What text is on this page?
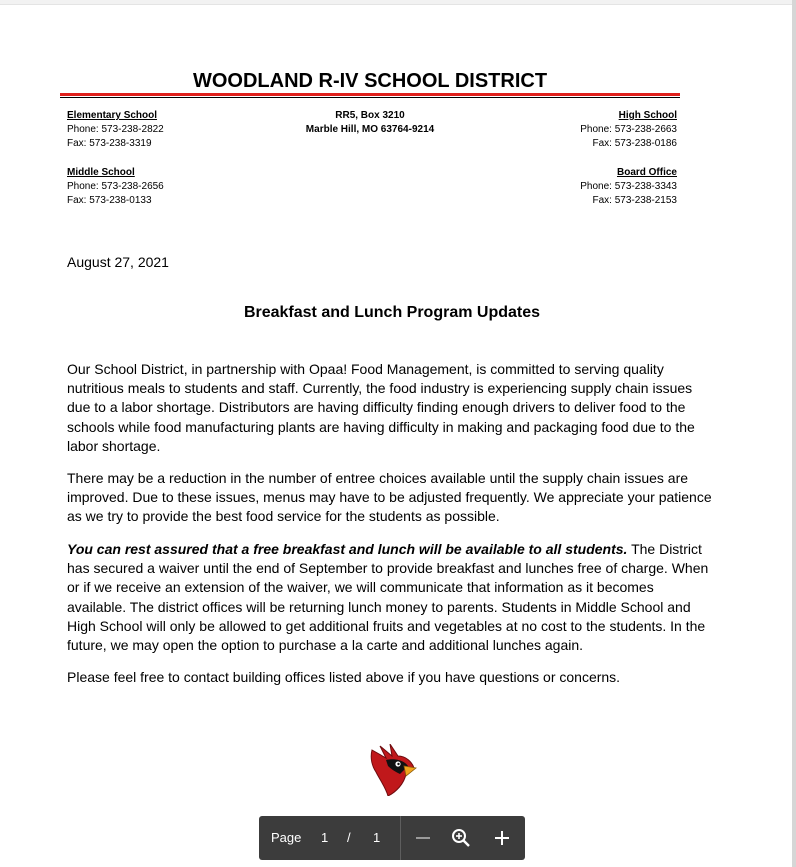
WOODLAND R-IV SCHOOL DISTRICT
Elementary School
Phone: 573-238-2822
Fax: 573-238-3319
RR5, Box 3210
Marble Hill, MO 63764-9214
High School
Phone: 573-238-2663
Fax: 573-238-0186
Middle School
Phone: 573-238-2656
Fax: 573-238-0133
Board Office
Phone: 573-238-3343
Fax: 573-238-2153
August 27, 2021
Breakfast and Lunch Program Updates

Our School District, in partnership with Opaa! Food Management, is committed to serving quality nutritious meals to students and staff. Currently, the food industry is experiencing supply chain issues due to a labor shortage. Distributors are having difficulty finding enough drivers to deliver food to the schools while food manufacturing plants are having difficulty in making and packaging food due to the labor shortage.

There may be a reduction in the number of entree choices available until the supply chain issues are improved. Due to these issues, menus may have to be adjusted frequently. We appreciate your patience as we try to provide the best food service for the students as possible.

You can rest assured that a free breakfast and lunch will be available to all students. The District has secured a waiver until the end of September to provide breakfast and lunches free of charge. When or if we receive an extension of the waiver, we will communicate that information as it becomes available. The district offices will be returning lunch money to parents. Students in Middle School and High School will only be allowed to get additional fruits and vegetables at no cost to the students. In the future, we may open the option to purchase a la carte and additional lunches again.

Please feel free to contact building offices listed above if you have questions or concerns.

Page 1 / 1
